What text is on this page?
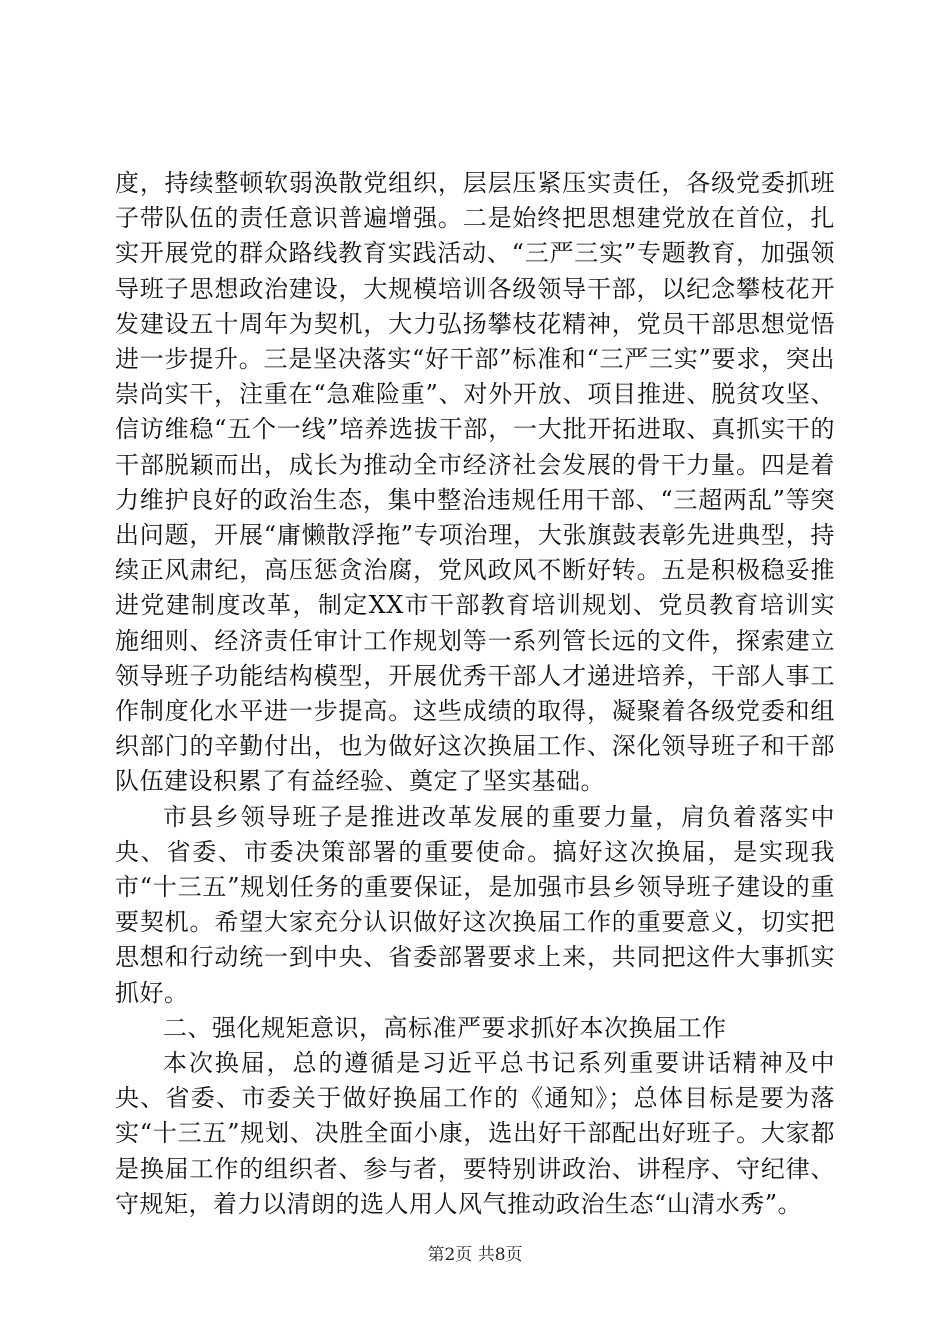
度，持续整顿软弱涣散党组织，层层压紧压实责任，各级党委抓班子带队伍的责任意识普遍增强。二是始终把思想建党放在首位，扎实开展党的群众路线教育实践活动、“三严三实”专题教育，加强领导班子思想政治建设，大规模培训各级领导干部，以纪念攀枝花开发建设五十周年为契机，大力弘扬攀枝花精神，党员干部思想觉悟进一步提升。三是坚决落实“好干部”标准和“三严三实”要求，突出崇尚实干，注重在“急难险重”、对外开放、项目推进、脱贫攻坚、信访维稳“五个一线”培养选拔干部，一大批开拓进取、真抓实干的干部脱颖而出，成长为推动全市经济社会发展的骨干力量。四是着力维护良好的政治生态，集中整治违规任用干部、“三超两乱”等突出问题，开展“庸懒散浮拖”专项治理，大张旗鼓表彰先进典型，持续正风肃纪，高压惩贪治腐，党风政风不断好转。五是积极稳妥推进党建制度改革，制定XX市干部教育培训规划、党员教育培训实施细则、经济责任审计工作规划等一系列管长远的文件，探索建立领导班子功能结构模型，开展优秀干部人才递进培养，干部人事工作制度化水平进一步提高。这些成绩的取得，凝聚着各级党委和组织部门的辛勤付出，也为做好这次换届工作、深化领导班子和干部队伍建设积累了有益经验、奠定了坚实基础。

市县乡领导班子是推进改革发展的重要力量，肩负着落实中央、省委、市委决策部署的重要使命。搞好这次换届，是实现我市“十三五”规划任务的重要保证，是加强市县乡领导班子建设的重要契机。希望大家充分认识做好这次换届工作的重要意义，切实把思想和行动统一到中央、省委部署要求上来，共同把这件大事抓实抓好。

二、强化规矩意识，高标准严要求抓好本次换届工作

本次换届，总的遵循是习近平总书记系列重要讲话精神及中央、省委、市委关于做好换届工作的《通知》；总体目标是要为落实“十三五”规划、决胜全面小康，选出好干部配出好班子。大家都是换届工作的组织者、参与者，要特别讲政治、讲程序、守纪律、守规矩，着力以清朗的选人用人风气推动政治生态“山清水秀”。

第2页 共8页
